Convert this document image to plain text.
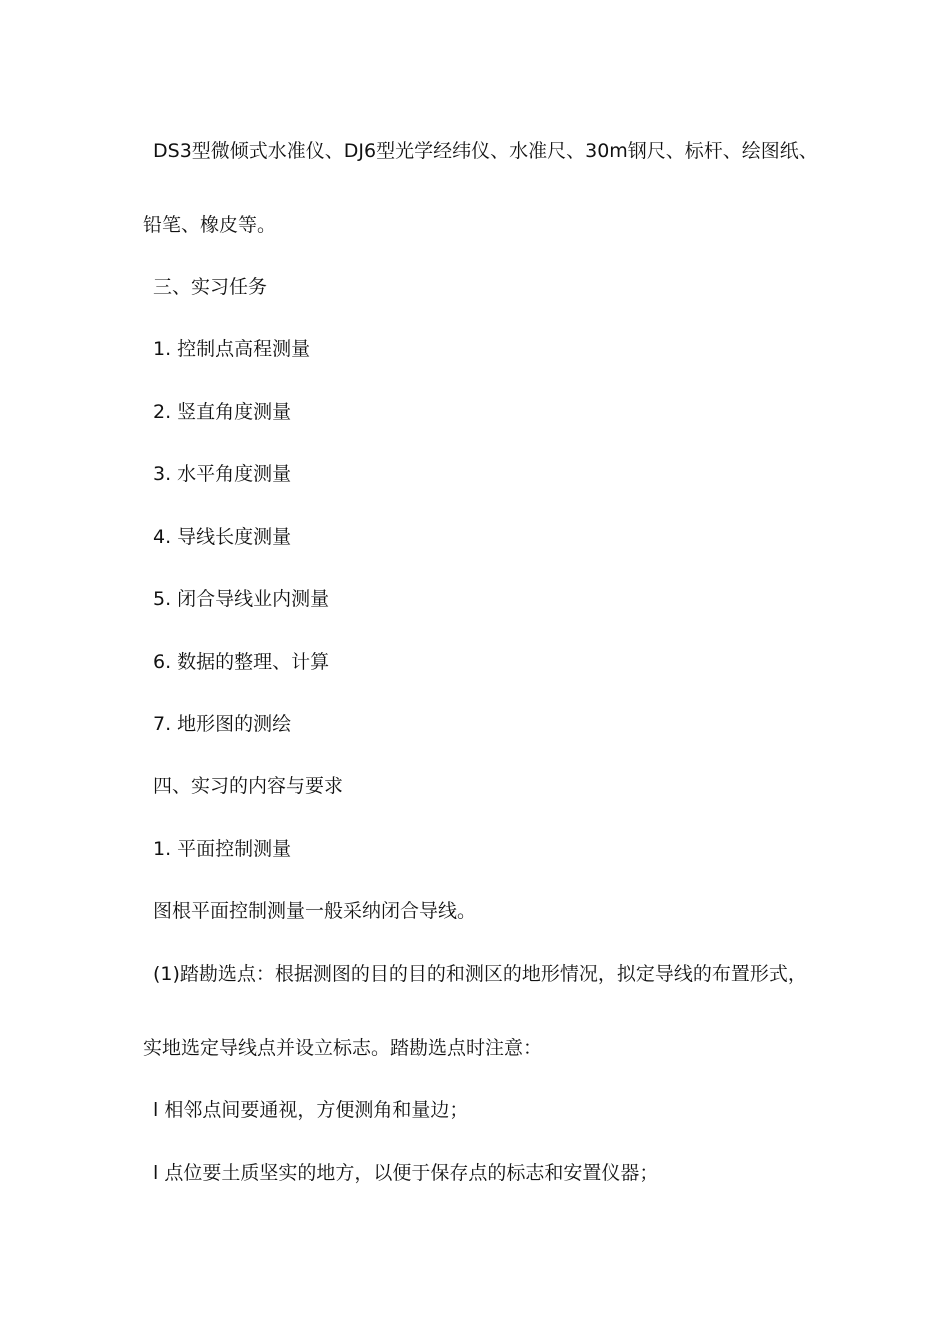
DS3型微倾式水准仪、DJ6型光学经纬仪、水准尺、30m钢尺、标杆、绘图纸、
铅笔、橡皮等。
三、实习任务
1. 控制点高程测量
2. 竖直角度测量
3. 水平角度测量
4. 导线长度测量
5. 闭合导线业内测量
6. 数据的整理、计算
7. 地形图的测绘
四、实习的内容与要求
1. 平面控制测量
图根平面控制测量一般采纳闭合导线。
(1)踏勘选点：根据测图的目的目的和测区的地形情况，拟定导线的布置形式，
实地选定导线点并设立标志。踏勘选点时注意：
l 相邻点间要通视，方便测角和量边；
l 点位要土质坚实的地方，以便于保存点的标志和安置仪器；
